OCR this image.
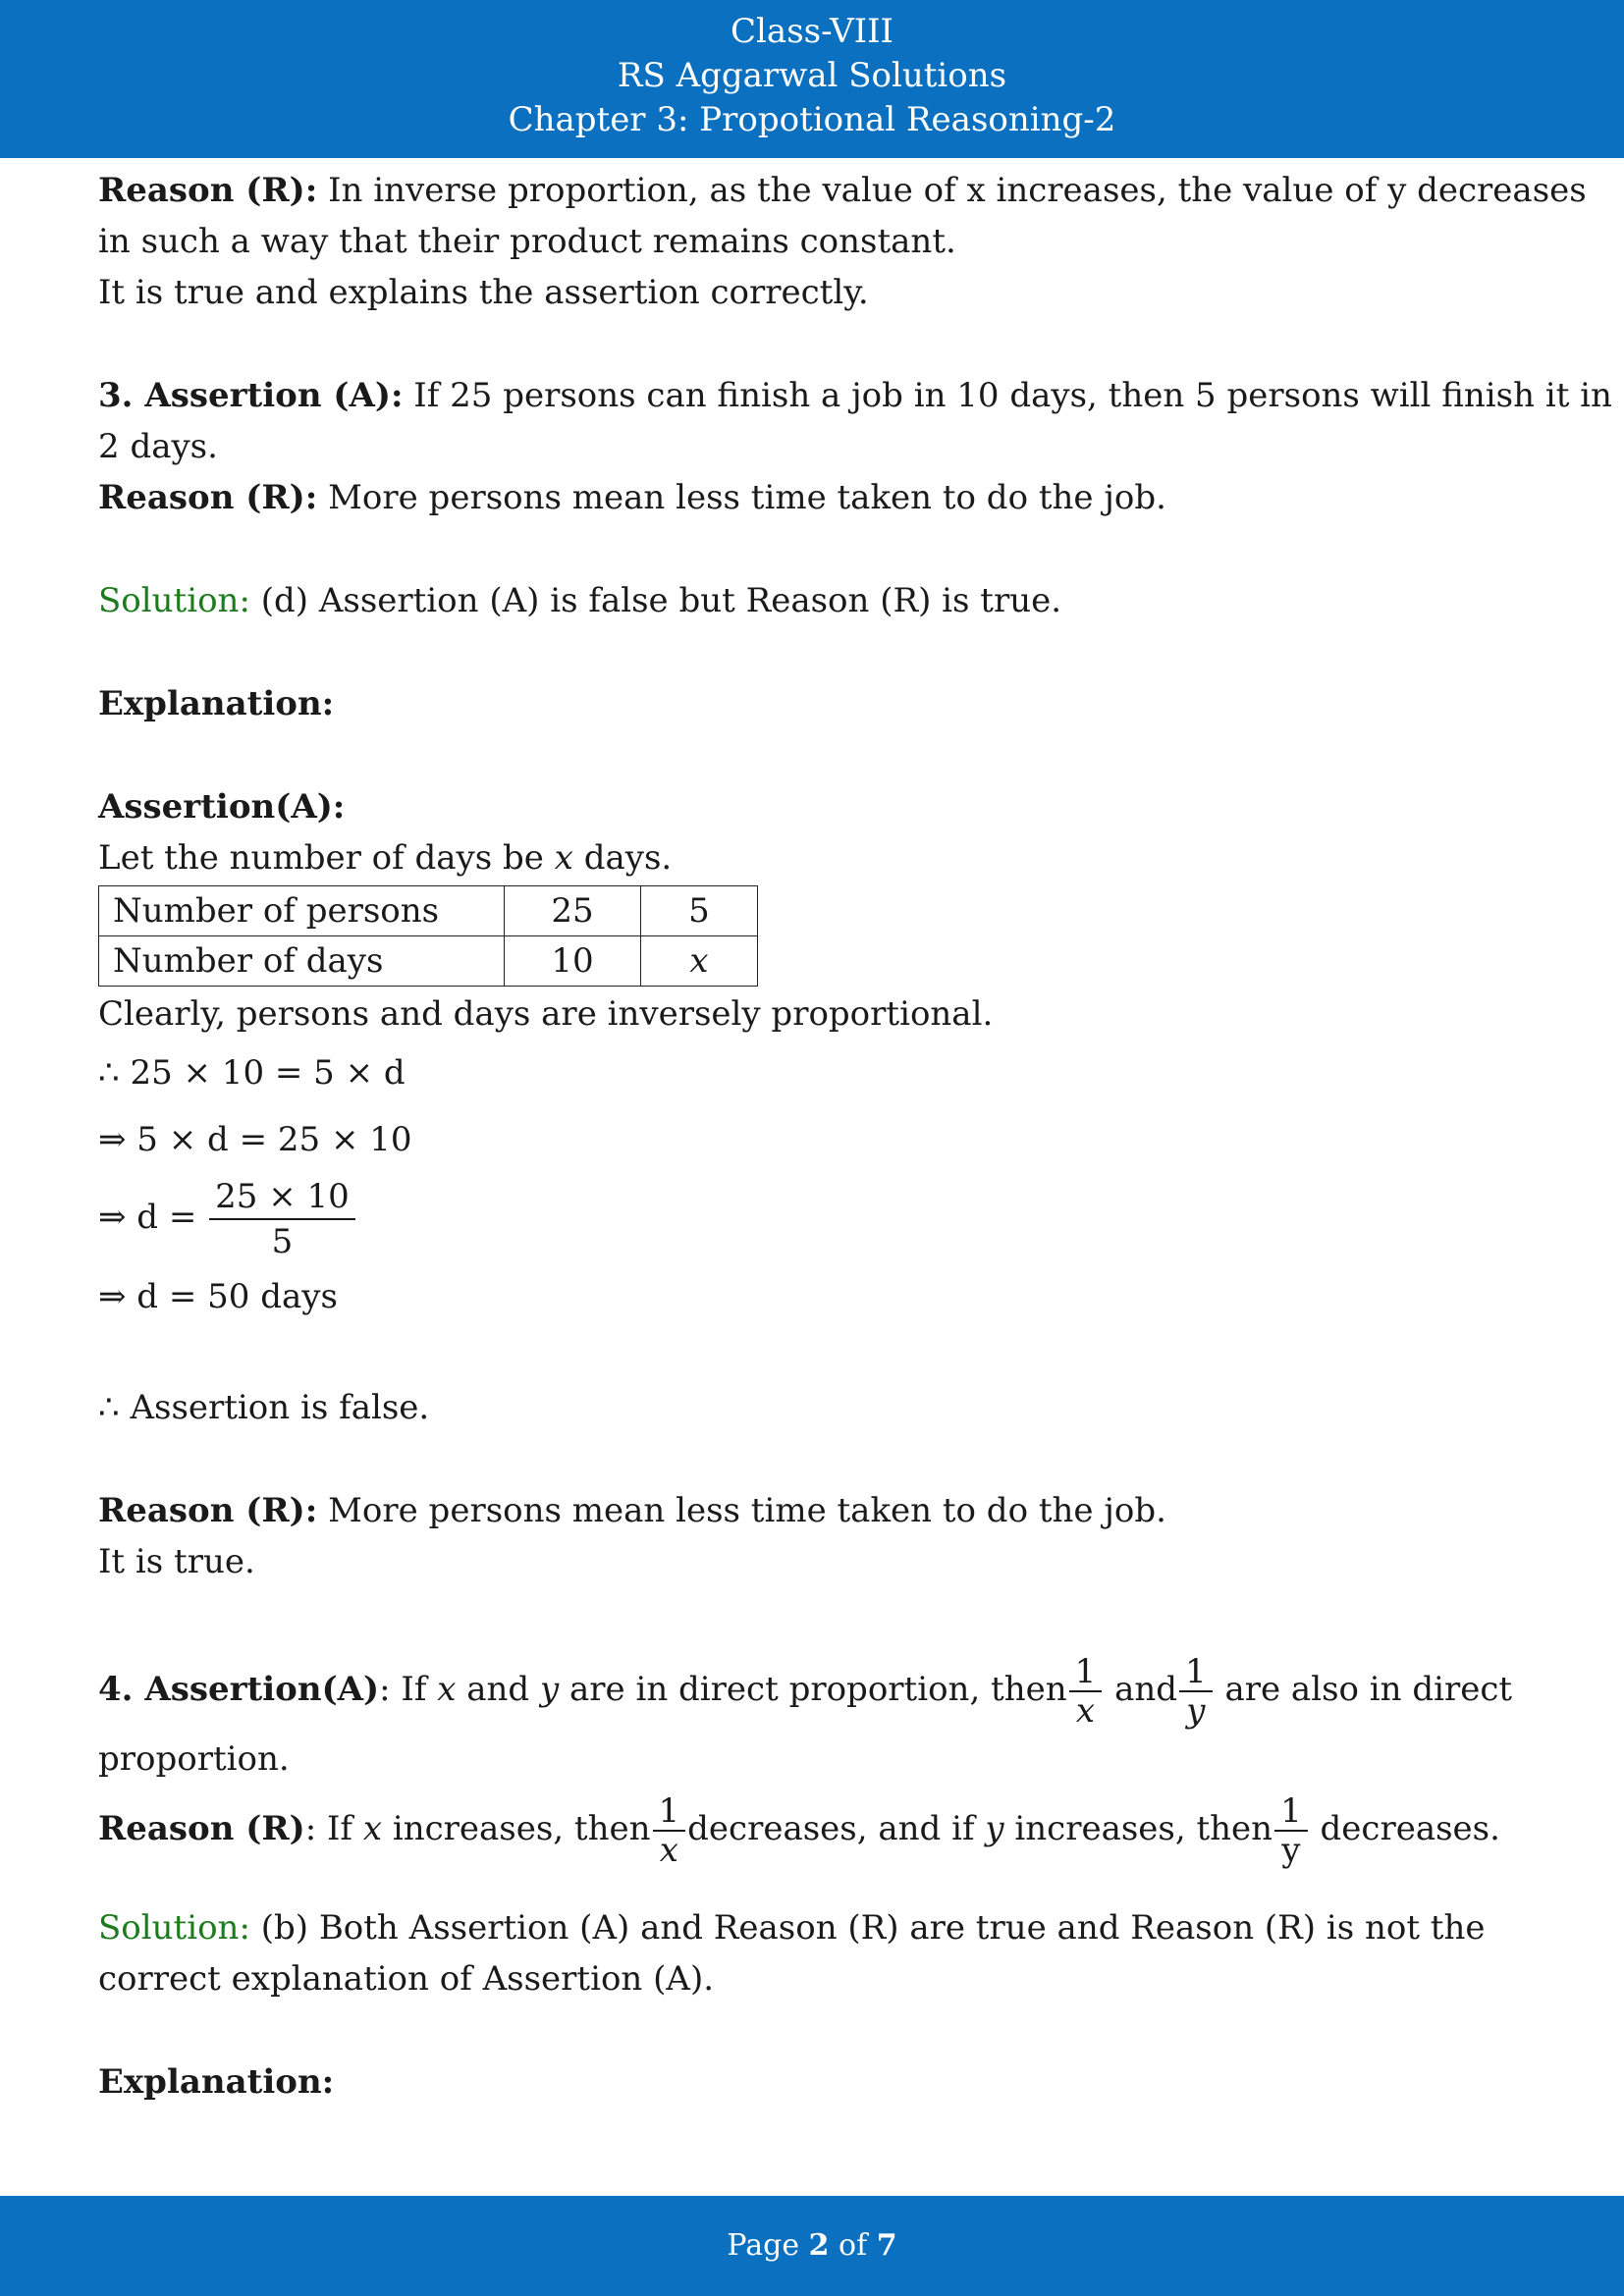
Class-VIII
RS Aggarwal Solutions
Chapter 3: Propotional Reasoning-2
Reason (R): In inverse proportion, as the value of x increases, the value of y decreases
in such a way that their product remains constant.
It is true and explains the assertion correctly.
3. Assertion (A): If 25 persons can finish a job in 10 days, then 5 persons will finish it in
2 days.
Reason (R): More persons mean less time taken to do the job.
Solution: (d) Assertion (A) is false but Reason (R) is true.
Explanation:
Assertion(A):
Let the number of days be x days.
Number of persons	25	5
Number of days	10	x
Clearly, persons and days are inversely proportional.
∴ 25 × 10 = 5 × d
⇒ 5 × d = 25 × 10
⇒ $d = \frac{25 \times 10}{5}$
⇒ d = 50 days
∴ Assertion is false.
Reason (R): More persons mean less time taken to do the job.
It is true.
4. Assertion(A): If x and y are in direct proportion, then $\frac{1}{x}$ and $\frac{1}{y}$ are also in direct
proportion.
Reason (R): If x increases, then $\frac{1}{x}$ decreases, and if y increases, then $\frac{1}{y}$ decreases.
Solution: (b) Both Assertion (A) and Reason (R) are true and Reason (R) is not the
correct explanation of Assertion (A).
Explanation:
Page 2 of 7
